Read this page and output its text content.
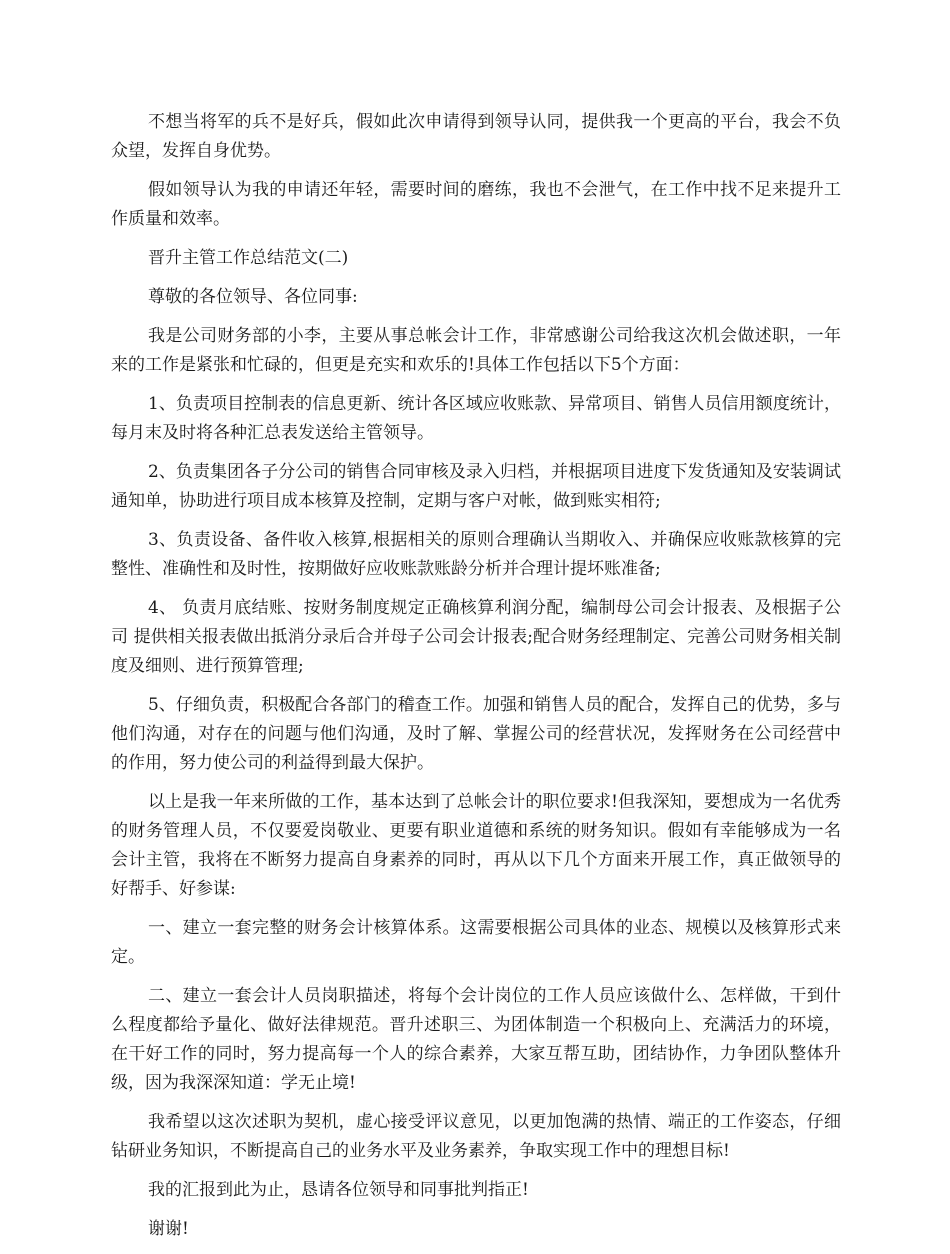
不想当将军的兵不是好兵，假如此次申请得到领导认同，提供我一个更高的平台，我会不负众望，发挥自身优势。

假如领导认为我的申请还年轻，需要时间的磨练，我也不会泄气，在工作中找不足来提升工作质量和效率。

晋升主管工作总结范文(二)

尊敬的各位领导、各位同事:

我是公司财务部的小李，主要从事总帐会计工作，非常感谢公司给我这次机会做述职，一年来的工作是紧张和忙碌的，但更是充实和欢乐的!具体工作包括以下5个方面：

1、负责项目控制表的信息更新、统计各区域应收账款、异常项目、销售人员信用额度统计，每月末及时将各种汇总表发送给主管领导。

2、负责集团各子分公司的销售合同审核及录入归档，并根据项目进度下发货通知及安装调试通知单，协助进行项目成本核算及控制，定期与客户对帐，做到账实相符;

3、负责设备、备件收入核算,根据相关的原则合理确认当期收入、并确保应收账款核算的完整性、准确性和及时性，按期做好应收账款账龄分析并合理计提坏账准备;

4、 负责月底结账、按财务制度规定正确核算利润分配，编制母公司会计报表、及根据子公司 提供相关报表做出抵消分录后合并母子公司会计报表;配合财务经理制定、完善公司财务相关制度及细则、进行预算管理;

5、仔细负责，积极配合各部门的稽查工作。加强和销售人员的配合，发挥自己的优势，多与他们沟通，对存在的问题与他们沟通，及时了解、掌握公司的经营状况，发挥财务在公司经营中的作用，努力使公司的利益得到最大保护。

以上是我一年来所做的工作，基本达到了总帐会计的职位要求!但我深知，要想成为一名优秀的财务管理人员，不仅要爱岗敬业、更要有职业道德和系统的财务知识。假如有幸能够成为一名会计主管，我将在不断努力提高自身素养的同时，再从以下几个方面来开展工作，真正做领导的好帮手、好参谋:

一、建立一套完整的财务会计核算体系。这需要根据公司具体的业态、规模以及核算形式来定。

二、建立一套会计人员岗职描述，将每个会计岗位的工作人员应该做什么、怎样做，干到什么程度都给予量化、做好法律规范。晋升述职三、为团体制造一个积极向上、充满活力的环境，在干好工作的同时，努力提高每一个人的综合素养，大家互帮互助，团结协作，力争团队整体升级，因为我深深知道：学无止境!

我希望以这次述职为契机，虚心接受评议意见，以更加饱满的热情、端正的工作姿态，仔细钻研业务知识，不断提高自己的业务水平及业务素养，争取实现工作中的理想目标!

我的汇报到此为止，恳请各位领导和同事批判指正!

谢谢!
